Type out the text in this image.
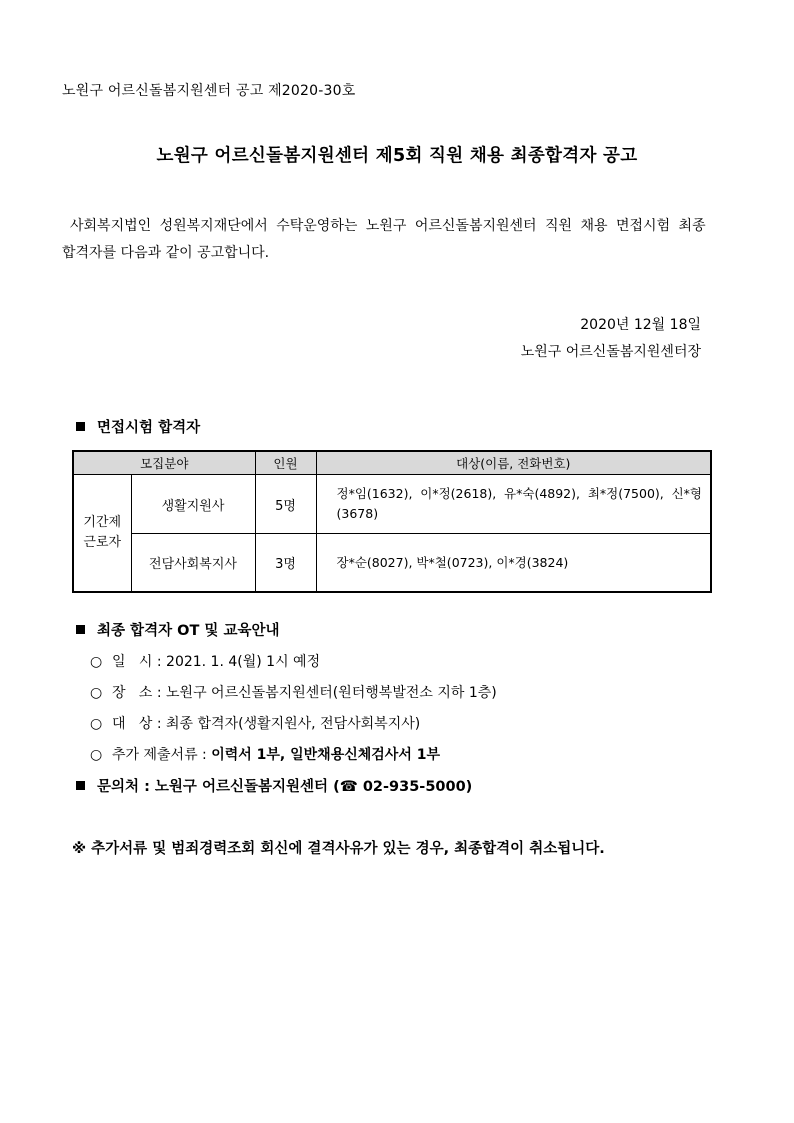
노원구 어르신돌봄지원센터 공고 제2020-30호
노원구 어르신돌봄지원센터 제5회 직원 채용 최종합격자 공고

사회복지법인 성원복지재단에서 수탁운영하는 노원구 어르신돌봄지원센터 직원 채용 면접시험 최종

합격자를 다음과 같이 공고합니다.

2020년 12월 18일
노원구 어르신돌봄지원센터장
면접시험 합격자
모집분야		인원	대상(이름, 전화번호)
기간제
근로자	생활지원사	5명	정*임(1632), 이*정(2618), 유*숙(4892), 최*정(7500), 신*형(3678)
	전담사회복지사	3명	장*순(8027), 박*철(0723), 이*경(3824)
최종 합격자 OT 및 교육안내
○ 일   시 : 2021. 1. 4(월) 1시 예정
○ 장   소 : 노원구 어르신돌봄지원센터(원터행복발전소 지하 1층)
○ 대   상 : 최종 합격자(생활지원사, 전담사회복지사)
○ 추가 제출서류 : 이력서 1부, 일반채용신체검사서 1부
문의처 : 노원구 어르신돌봄지원센터 (☎ 02-935-5000)
※ 추가서류 및 범죄경력조회 회신에 결격사유가 있는 경우, 최종합격이 취소됩니다.
